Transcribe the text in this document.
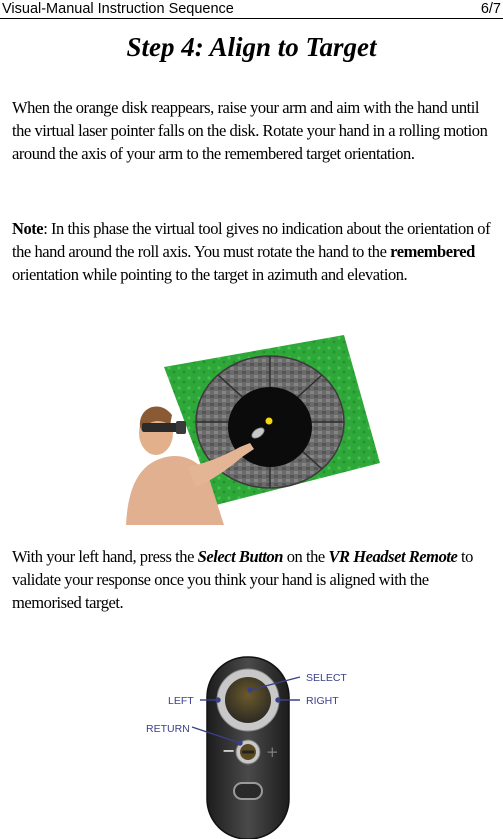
Visual-Manual Instruction Sequence	6/7
Step 4: Align to Target
When the orange disk reappears, raise your arm and aim with the hand until the virtual laser pointer falls on the disk. Rotate your hand in a rolling motion around the axis of your arm to the remembered target orientation.
Note: In this phase the virtual tool gives no indication about the orientation of the hand around the roll axis. You must rotate the hand to the remembered orientation while pointing to the target in azimuth and elevation.
With your left hand, press the Select Button on the VR Headset Remote to validate your response once you think your hand is aligned with the memorised target.
− +
SELECT
LEFT	RIGHT
RETURN
